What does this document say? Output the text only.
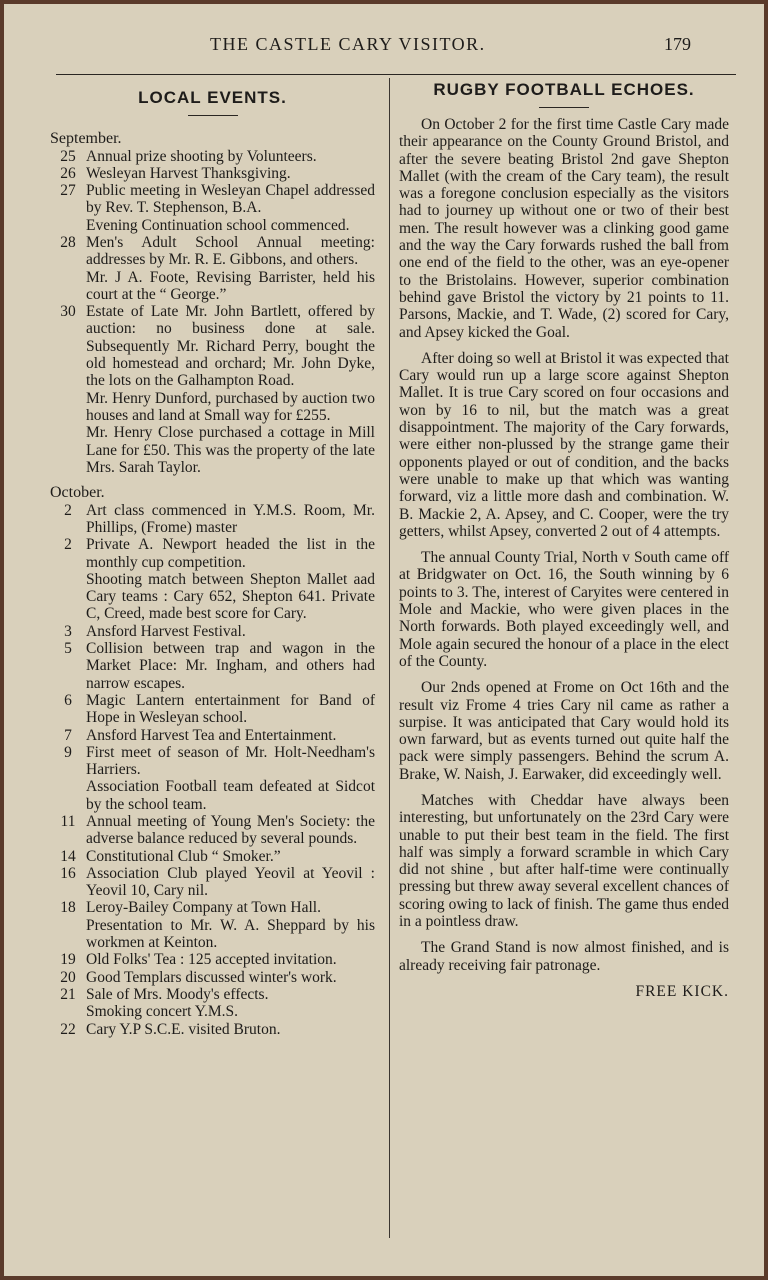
THE CASTLE CARY VISITOR.	179
LOCAL EVENTS.

September.

25 Annual prize shooting by Volunteers.
26 Wesleyan Harvest Thanksgiving.
27 Public meeting in Wesleyan Chapel addressed by Rev. T. Stephenson, B.A.
Evening Continuation school commenced.
28 Men's Adult School Annual meeting: addresses by Mr. R. E. Gibbons, and others.
Mr. J A. Foote, Revising Barrister, held his court at the “ George.”
30 Estate of Late Mr. John Bartlett, offered by auction: no business done at sale. Subsequently Mr. Richard Perry, bought the old homestead and orchard; Mr. John Dyke, the lots on the Galhampton Road.
Mr. Henry Dunford, purchased by auction two houses and land at Small way for £255.
Mr. Henry Close purchased a cottage in Mill Lane for £50. This was the property of the late Mrs. Sarah Taylor.

October.

2 Art class commenced in Y.M.S. Room, Mr. Phillips, (Frome) master
2 Private A. Newport headed the list in the monthly cup competition.
Shooting match between Shepton Mallet aad Cary teams : Cary 652, Shepton 641. Private C, Creed, made best score for Cary.
3 Ansford Harvest Festival.
5 Collision between trap and wagon in the Market Place: Mr. Ingham, and others had narrow escapes.
6 Magic Lantern entertainment for Band of Hope in Wesleyan school.
7 Ansford Harvest Tea and Entertainment.
9 First meet of season of Mr. Holt-Needham's Harriers.
Association Football team defeated at Sidcot by the school team.
11 Annual meeting of Young Men's Society: the adverse balance reduced by several pounds.
14 Constitutional Club “ Smoker.”
16 Association Club played Yeovil at Yeovil : Yeovil 10, Cary nil.
18 Leroy-Bailey Company at Town Hall.
Presentation to Mr. W. A. Sheppard by his workmen at Keinton.
19 Old Folks' Tea : 125 accepted invitation.
20 Good Templars discussed winter's work.
21 Sale of Mrs. Moody's effects.
Smoking concert Y.M.S.
22 Cary Y.P S.C.E. visited Bruton.
RUGBY FOOTBALL ECHOES.

On October 2 for the first time Castle Cary made their appearance on the County Ground Bristol, and after the severe beating Bristol 2nd gave Shepton Mallet (with the cream of the Cary team), the result was a foregone conclusion especially as the visitors had to journey up without one or two of their best men. The result however was a clinking good game and the way the Cary forwards rushed the ball from one end of the field to the other, was an eye-opener to the Bristolains. However, superior combination behind gave Bristol the victory by 21 points to 11. Parsons, Mackie, and T. Wade, (2) scored for Cary, and Apsey kicked the Goal.

After doing so well at Bristol it was expected that Cary would run up a large score against Shepton Mallet. It is true Cary scored on four occasions and won by 16 to nil, but the match was a great disappointment. The majority of the Cary forwards, were either non-plussed by the strange game their opponents played or out of condition, and the backs were unable to make up that which was wanting forward, viz a little more dash and combination. W. B. Mackie 2, A. Apsey, and C. Cooper, were the try getters, whilst Apsey, converted 2 out of 4 attempts.

The annual County Trial, North v South came off at Bridgwater on Oct. 16, the South winning by 6 points to 3. The, interest of Caryites were centered in Mole and Mackie, who were given places in the North forwards. Both played exceedingly well, and Mole again secured the honour of a place in the elect of the County.

Our 2nds opened at Frome on Oct 16th and the result viz Frome 4 tries Cary nil came as rather a surpise. It was anticipated that Cary would hold its own farward, but as events turned out quite half the pack were simply passengers. Behind the scrum A. Brake, W. Naish, J. Earwaker, did exceedingly well.

Matches with Cheddar have always been interesting, but unfortunately on the 23rd Cary were unable to put their best team in the field. The first half was simply a forward scramble in which Cary did not shine , but after half-time were continually pressing but threw away several excellent chances of scoring owing to lack of finish. The game thus ended in a pointless draw.

The Grand Stand is now almost finished, and is already receiving fair patronage.

FREE KICK.
